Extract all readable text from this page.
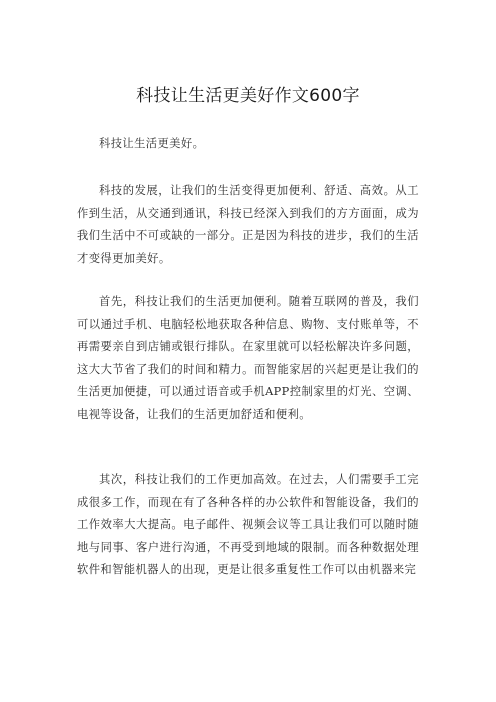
科技让生活更美好作文600字

科技让生活更美好。

科技的发展，让我们的生活变得更加便利、舒适、高效。从工作到生活，从交通到通讯，科技已经深入到我们的方方面面，成为我们生活中不可或缺的一部分。正是因为科技的进步，我们的生活才变得更加美好。

首先，科技让我们的生活更加便利。随着互联网的普及，我们可以通过手机、电脑轻松地获取各种信息、购物、支付账单等，不再需要亲自到店铺或银行排队。在家里就可以轻松解决许多问题，这大大节省了我们的时间和精力。而智能家居的兴起更是让我们的生活更加便捷，可以通过语音或手机APP控制家里的灯光、空调、电视等设备，让我们的生活更加舒适和便利。

其次，科技让我们的工作更加高效。在过去，人们需要手工完成很多工作，而现在有了各种各样的办公软件和智能设备，我们的工作效率大大提高。电子邮件、视频会议等工具让我们可以随时随地与同事、客户进行沟通，不再受到地域的限制。而各种数据处理软件和智能机器人的出现，更是让很多重复性工作可以由机器来完
